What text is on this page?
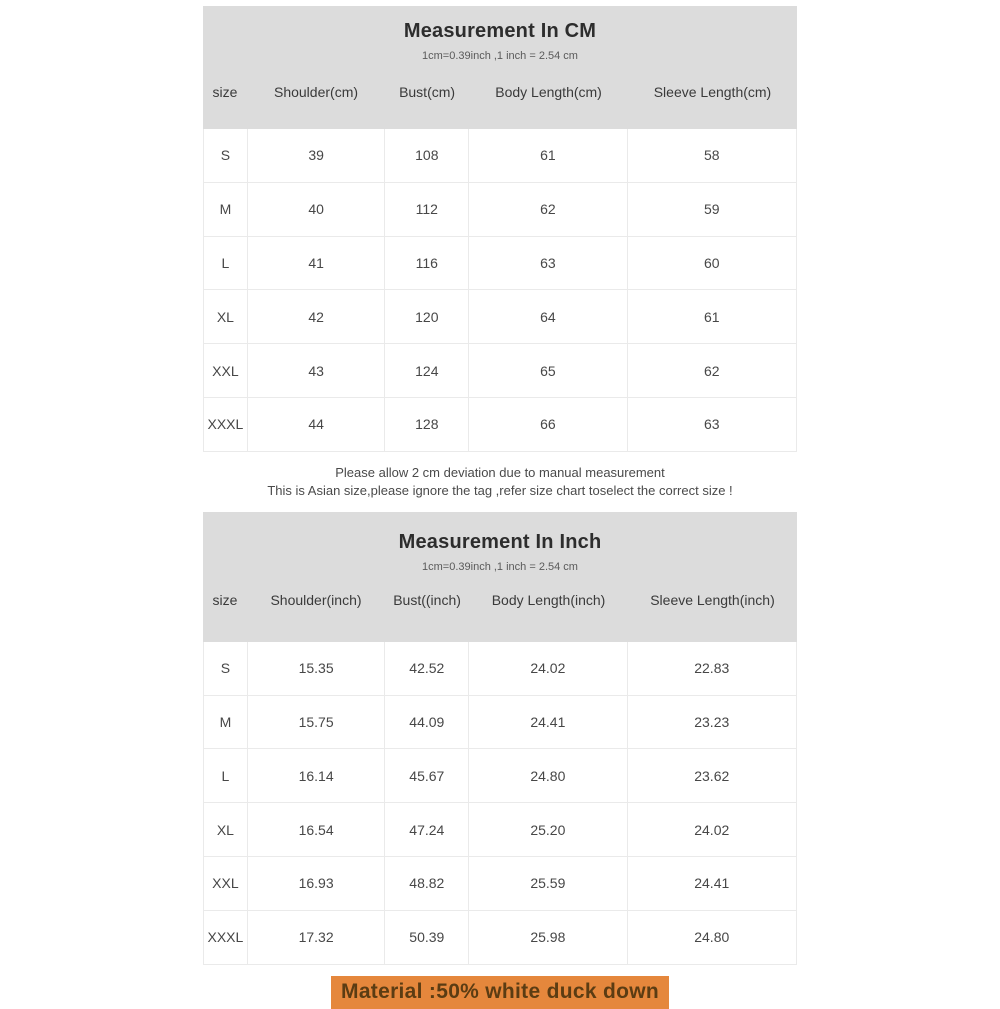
Measurement In CM
1cm=0.39inch ,1 inch = 2.54 cm
size	Shoulder(cm)	Bust(cm)	Body Length(cm)	Sleeve Length(cm)
S	39	108	61	58
M	40	112	62	59
L	41	116	63	60
XL	42	120	64	61
XXL	43	124	65	62
XXXL	44	128	66	63
Please allow 2 cm deviation due to manual measurement
This is Asian size,please ignore the tag ,refer size chart toselect the correct size !
Measurement In Inch
1cm=0.39inch ,1 inch = 2.54 cm
size	Shoulder(inch)	Bust((inch)	Body Length(inch)	Sleeve Length(inch)
S	15.35	42.52	24.02	22.83
M	15.75	44.09	24.41	23.23
L	16.14	45.67	24.80	23.62
XL	16.54	47.24	25.20	24.02
XXL	16.93	48.82	25.59	24.41
XXXL	17.32	50.39	25.98	24.80
Material :50% white duck down
